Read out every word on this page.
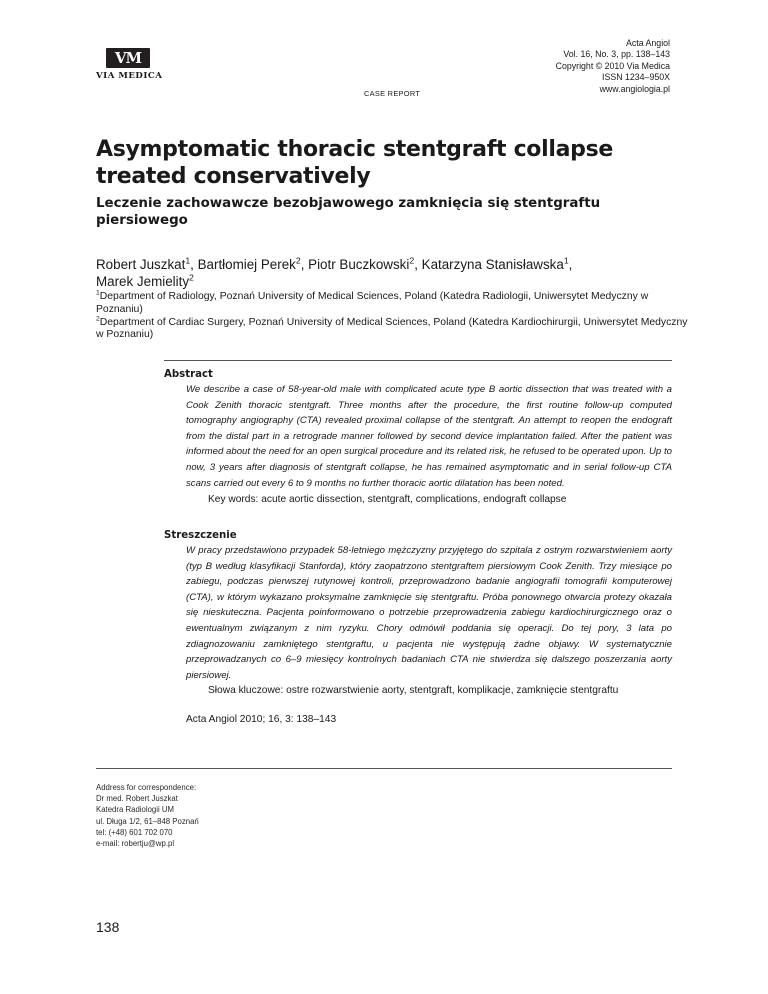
VM
VIA MEDICA
CASE REPORT
Acta Angiol
Vol. 16, No. 3, pp. 138–143
Copyright © 2010 Via Medica
ISSN 1234–950X
www.angiologia.pl
Asymptomatic thoracic stentgraft collapse treated conservatively
Leczenie zachowawcze bezobjawowego zamknięcia się stentgraftu piersiowego
Robert Juszkat$^1$, Bartłomiej Perek$^2$, Piotr Buczkowski$^2$, Katarzyna Stanisławska$^1$,
Marek Jemielity$^2$

$^1$Department of Radiology, Poznań University of Medical Sciences, Poland (Katedra Radiologii, Uniwersytet Medyczny w Poznaniu)

$^2$Department of Cardiac Surgery, Poznań University of Medical Sciences, Poland (Katedra Kardiochirurgii, Uniwersytet Medyczny w Poznaniu)

Abstract
We describe a case of 58-year-old male with complicated acute type B aortic dissection that was treated with a Cook Zenith thoracic stentgraft. Three months after the procedure, the first routine follow-up computed tomography angiography (CTA) revealed proximal collapse of the stentgraft. An attempt to reopen the endograft from the distal part in a retrograde manner followed by second device implantation failed. After the patient was informed about the need for an open surgical procedure and its related risk, he refused to be operated upon. Up to now, 3 years after diagnosis of stentgraft collapse, he has remained asymptomatic and in serial follow-up CTA scans carried out every 6 to 9 months no further thoracic aortic dilatation has been noted.
Key words: acute aortic dissection, stentgraft, complications, endograft collapse
Streszczenie
W pracy przedstawiono przypadek 58-letniego mężczyzny przyjętego do szpitala z ostrym rozwarstwieniem aorty (typ B według klasyfikacji Stanforda), który zaopatrzono stentgraftem piersiowym Cook Zenith. Trzy miesiące po zabiegu, podczas pierwszej rutynowej kontroli, przeprowadzono badanie angiografii tomografii komputerowej (CTA), w którym wykazano proksymalne zamknięcie się stentgraftu. Próba ponownego otwarcia protezy okazała się nieskuteczna. Pacjenta poinformowano o potrzebie przeprowadzenia zabiegu kardiochirurgicznego oraz o ewentualnym związanym z nim ryzyku. Chory odmówił poddania się operacji. Do tej pory, 3 lata po zdiagnozowaniu zamkniętego stentgraftu, u pacjenta nie występują żadne objawy. W systematycznie przeprowadzanych co 6–9 miesięcy kontrolnych badaniach CTA nie stwierdza się dalszego poszerzania aorty piersiowej.
Słowa kluczowe: ostre rozwarstwienie aorty, stentgraft, komplikacje, zamknięcie stentgraftu
Acta Angiol 2010; 16, 3: 138–143
Address for correspondence:
Dr med. Robert Juszkat
Katedra Radiologii UM
ul. Długa 1/2, 61–848 Poznań
tel: (+48) 601 702 070
e-mail: robertju@wp.pl
138
